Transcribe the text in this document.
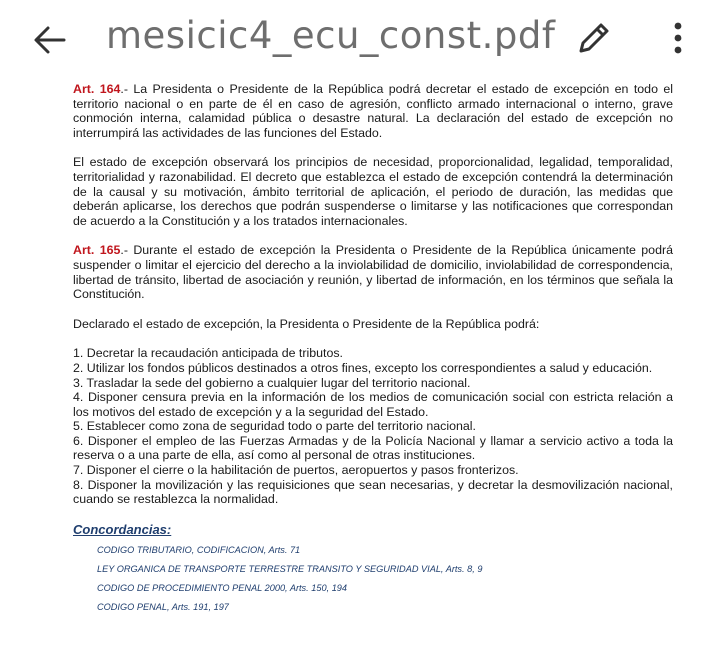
mesicic4_ecu_const.pdf

Art. 164.- La Presidenta o Presidente de la República podrá decretar el estado de excepción en todo el territorio nacional o en parte de él en caso de agresión, conflicto armado internacional o interno, grave conmoción interna, calamidad pública o desastre natural. La declaración del estado de excepción no interrumpirá las actividades de las funciones del Estado.

El estado de excepción observará los principios de necesidad, proporcionalidad, legalidad, temporalidad, territorialidad y razonabilidad. El decreto que establezca el estado de excepción contendrá la determinación de la causal y su motivación, ámbito territorial de aplicación, el periodo de duración, las medidas que deberán aplicarse, los derechos que podrán suspenderse o limitarse y las notificaciones que correspondan de acuerdo a la Constitución y a los tratados internacionales.

Art. 165.- Durante el estado de excepción la Presidenta o Presidente de la República únicamente podrá suspender o limitar el ejercicio del derecho a la inviolabilidad de domicilio, inviolabilidad de correspondencia, libertad de tránsito, libertad de asociación y reunión, y libertad de información, en los términos que señala la Constitución.

Declarado el estado de excepción, la Presidenta o Presidente de la República podrá:

1. Decretar la recaudación anticipada de tributos.

2. Utilizar los fondos públicos destinados a otros fines, excepto los correspondientes a salud y educación.

3. Trasladar la sede del gobierno a cualquier lugar del territorio nacional.

4. Disponer censura previa en la información de los medios de comunicación social con estricta relación a los motivos del estado de excepción y a la seguridad del Estado.

5. Establecer como zona de seguridad todo o parte del territorio nacional.

6. Disponer el empleo de las Fuerzas Armadas y de la Policía Nacional y llamar a servicio activo a toda la reserva o a una parte de ella, así como al personal de otras instituciones.

7. Disponer el cierre o la habilitación de puertos, aeropuertos y pasos fronterizos.

8. Disponer la movilización y las requisiciones que sean necesarias, y decretar la desmovilización nacional, cuando se restablezca la normalidad.

Concordancias:
CODIGO TRIBUTARIO, CODIFICACION, Arts. 71
LEY ORGANICA DE TRANSPORTE TERRESTRE TRANSITO Y SEGURIDAD VIAL, Arts. 8, 9
CODIGO DE PROCEDIMIENTO PENAL 2000, Arts. 150, 194
CODIGO PENAL, Arts. 191, 197
